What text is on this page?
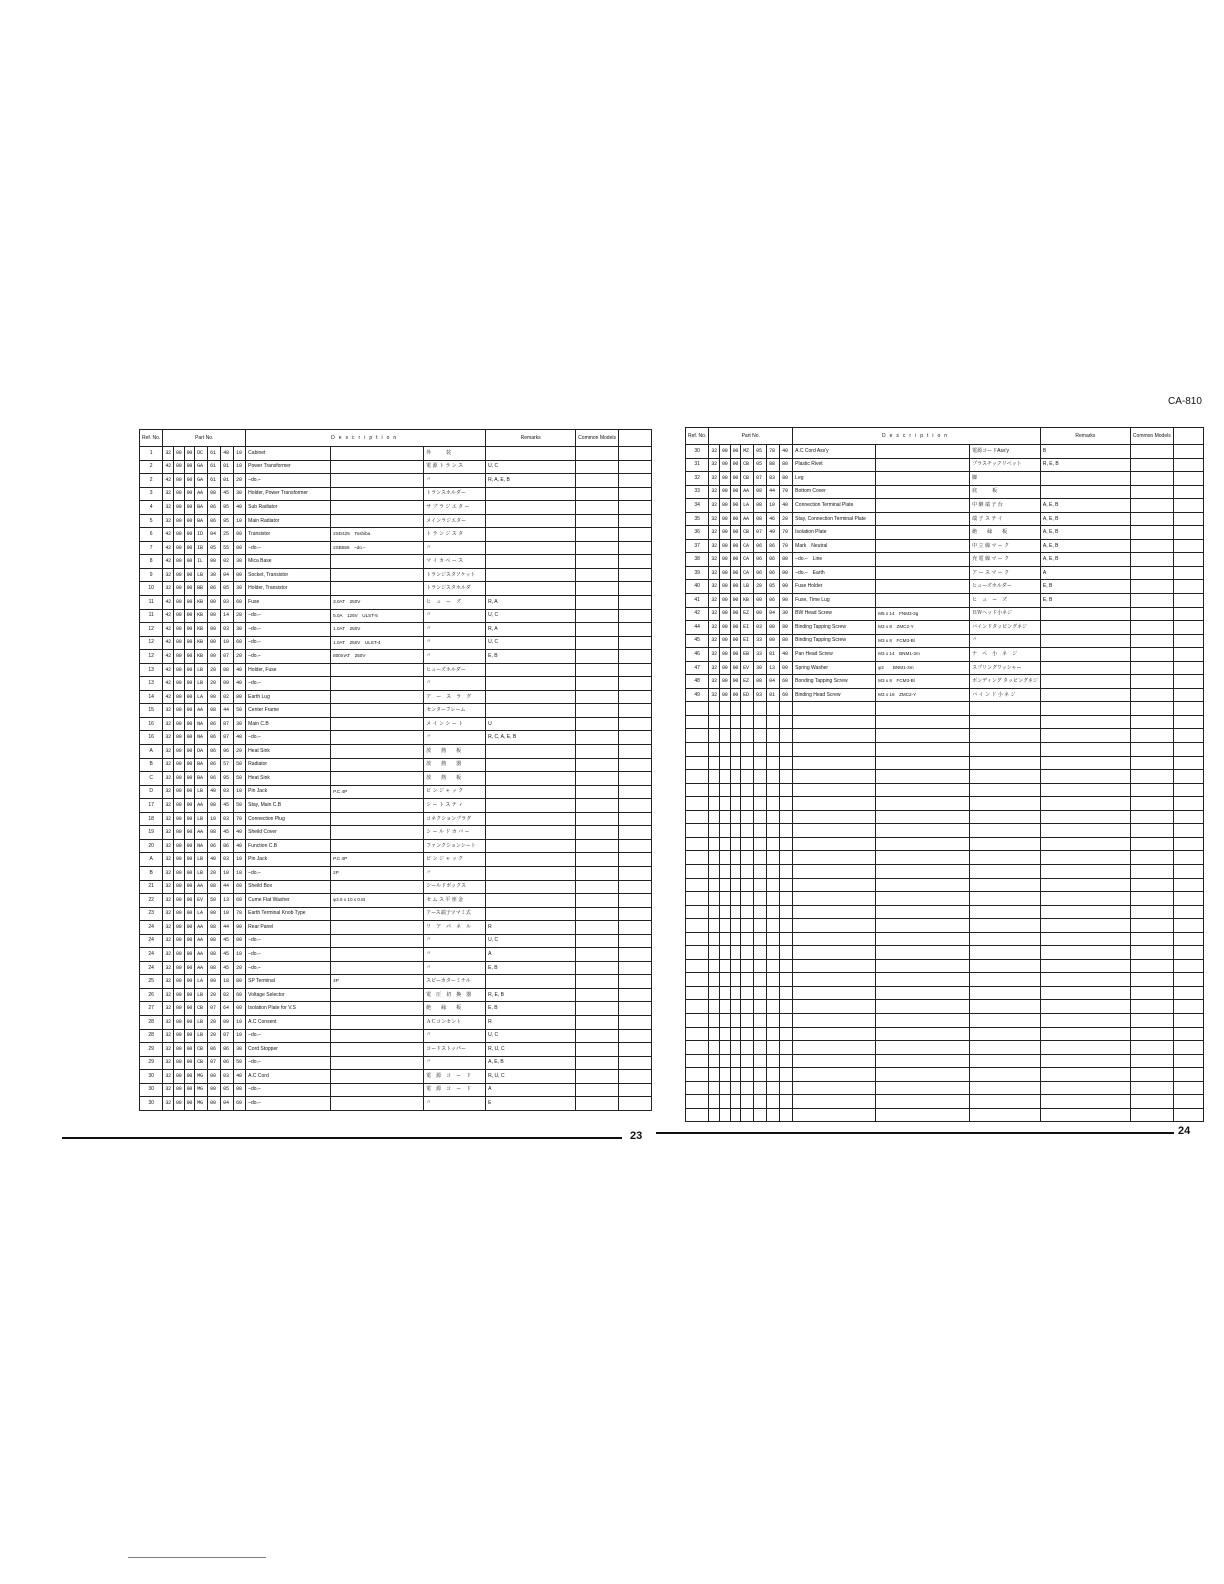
CA-810
Ref. No.	Part No.							Description			Remarks	Common Models	
1	32	00	00	DC	61	48	10	Cabinet		外　　　装			
2	42	00	00	GA	61	01	10	Power Transformer		電 源 ト ラ ン ス	U, C		
2	42	00	00	GA	61	01	20	–do.–		〃	R, A, E, B		
3	32	00	00	AA	08	45	30	Holder, Power Transformer		トランスホルダー			
4	32	00	00	BA	06	95	40	Sub Radiator		サ ブ ラ ジ エ タ ー			
5	32	00	00	BA	06	95	10	Main Radiator		メインラジエター			
6	42	00	00	ID	04	25	00	Transistor	2SD425　Toshiba	ト ラ ン ジ ス タ			
7	42	00	00	IB	05	55	00	–do.–	2SB555　–do.–	〃			
8	42	00	00	IL	00	02	30	Mica Base		マ イ カ ベ ー ス			
9	32	00	00	LB	30	04	00	Socket, Transistor		トランジスタソケット			
10	32	00	00	BB	06	05	30	Holder, Transistor		トランジスタホルダ			
11	42	00	00	KB	00	03	60	Fuse	3.0AT　250V	ヒ　ュ　ー　ズ	R, A		
11	42	00	00	KB	00	14	20	–do.–	5.0A　125V　ULST-5	〃	U, C		
12	42	00	00	KB	00	03	30	–do.–	1.0AT　250V	〃	R, A		
12	42	00	00	KB	00	10	60	–do.–	1.0AT　250V　ULST-4	〃	U, C		
12	42	00	00	KB	00	07	20	–do.–	800mAT　250V	〃	E, B		
13	42	00	00	LB	20	08	40	Holder, Fuse		ヒューズホルダー			
13	42	00	00	LB	20	09	40	–do.–		〃			
14	42	00	00	LA	00	02	80	Earth Lug		ア　ー　ス　ラ　グ			
15	32	00	00	AA	08	44	50	Center Frame		センターフレーム			
16	32	00	00	NA	06	87	30	Main C.B		メ イ ン シ ー ト	U		
16	32	00	00	NA	06	87	40	–do.–		〃	R, C, A, E, B		
A	32	00	00	DA	06	96	20	Heat Sink		放　　熱　　板			
B	32	00	00	BA	06	57	50	Radiator		放　　熱　　器			
C	32	00	00	BA	06	95	50	Heat Sink		放　　熱　　板			
D	32	00	00	LB	40	03	10	Pin Jack	P.C 4P	ピ ン ジ ャ ッ ク			
17	32	00	00	AA	08	45	50	Stay, Main C.B		シ ー ト ス テ ィ			
18	32	00	00	LB	10	03	70	Connection Plug		コネクションプラグ			
19	32	00	00	AA	08	45	40	Sheild Cover		シ ー ル ド カ バ ー			
20	32	00	00	NA	06	86	40	Function C.B		ファンクションシート			
A	32	00	00	LB	40	03	10	Pin Jack	P.C 4P	ピ ン ジ ャ ッ ク			
B	32	00	00	LB	20	10	10	–do.–	2P	〃			
21	32	00	00	AA	08	44	60	Sheild Box		シールドボックス			
22	32	00	00	EV	50	13	60	Cume Flat Washer	φ3.6 x 10 x 0.8t	セ ム ス 平 座 金			
23	32	00	00	LA	00	10	70	Earth Terminal Knob Type		アース端子ツマミ式			
24	32	00	00	AA	08	44	90	Rear Panel		リ　ア　パ　ネ　ル	R		
24	32	00	00	AA	08	45	00	–do.–		〃	U, C		
24	32	00	00	AA	08	45	10	–do.–		〃	A		
24	32	00	00	AA	08	45	20	–do.–		〃	E, B		
25	32	00	00	LA	00	18	80	SP Terminal	4P	スピーカターミナル			
26	32	00	00	LB	20	02	60	Voltage Selector		電　圧　切　換　器	R, E, B		
27	32	00	00	CB	07	64	00	Isolation Plate for V.S		絶　　縁　　板	E, B		
28	32	00	00	LB	20	09	10	A.C Consent		ＡＣコンセント	R		
28	32	00	00	LB	20	07	10	–do.–		〃	U, C		
29	32	00	00	CB	06	86	30	Cord Stopper		コードストッパー	R, U, C		
29	32	00	00	CB	07	06	50	–do.–		〃	A, E, B		
30	32	00	00	MG	00	03	40	A.C Cord		電　源　コ　ー　ド	R, U, C		
30	32	00	00	MG	00	05	00	–do.–		電　源　コ　ー　ド	A		
30	32	00	00	MG	00	04	60	–do.–		〃	E		
Ref. No.	Part No.							Description			Remarks	Common Models	
30	32	00	00	MZ	05	78	40	A.C Cord Ass'y		電源コードAss'y	B		
31	32	00	00	CB	05	88	80	Plastic Rivet		プラスチックリベット	R, E, B		
32	32	00	00	CB	07	83	80	Leg		脚			
33	32	00	00	AA	08	44	70	Bottom Cover		底　　　板			
34	32	00	00	LA	00	10	40	Connection Terminal Plate		中 継 端 子 台	A, E, B		
35	32	00	00	AA	08	46	20	Stay, Connection Terminal Plate		端 子 ス テ イ	A, E, B		
36	32	00	00	CB	07	49	70	Isolation Plate		絶　　縁　　板	A, E, B		
37	32	00	00	CA	06	06	70	Mark　Neutral		中 立 線 マ ー ク	A, E, B		
38	32	00	00	CA	06	06	80	–do.–　Line		充 電 線 マ ー ク	A, E, B		
39	32	00	00	CA	06	06	90	–do.–　Earth		ア ー ス マ ー ク	A		
40	32	00	00	LB	20	05	90	Fuse Holder		ヒューズホルダー	E, B		
41	32	00	00	KB	00	06	90	Fuse, Time Lug		ヒ　ュ　ー　ズ	E, B		
42	32	00	00	EZ	00	04	30	BW Head Screw	M5 x 14　FNM3-3g	ＢＷヘッド小ネジ			
44	32	00	00	EI	03	00	80	Binding Tapping Screw	M3 x 8　ZMC2-Y	バインドタッピングネジ			
45	32	00	00	EI	33	00	80	Binding Tapping Screw	M3 x 8　FCM3-Bl	〃			
46	32	00	00	EB	33	01	40	Pan Head Screw	M3 x 14　BNM1-3m	ナ　ベ　小　ネ　ジ			
47	32	00	00	EV	30	13	00	Spring Washer	φ3　　BNM1-3m	スプリングワッシャー			
48	32	00	00	EZ	00	04	60	Bonding Tapping Screw	M3 x 8　FCM3-Bl	ボンディング タッピングネジ			
49	32	00	00	ED	03	01	60	Binding Head Screw	M3 x 16　ZMC2-Y	バ イ ン ド 小 ネ ジ			

23	24
